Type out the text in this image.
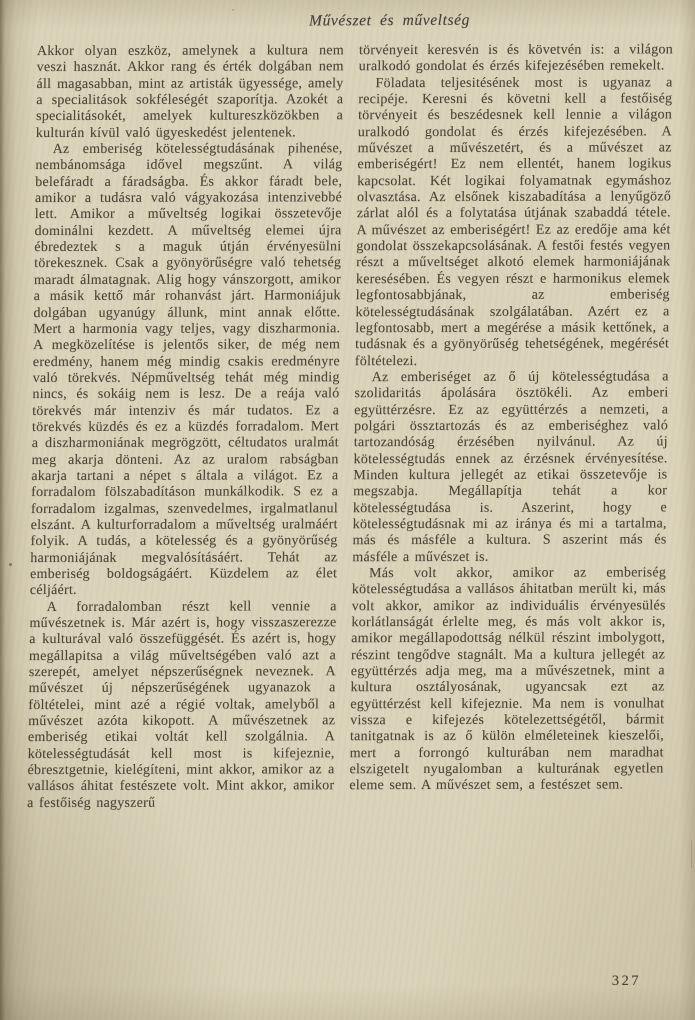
Művészet és műveltség

Akkor olyan eszköz, amelynek a kultura nem veszi hasznát. Akkor rang és érték dolgában nem áll magasabban, mint az artisták ügyessége, amely a specialitások sokféleségét szaporítja. Azokét a specialitásokét, amelyek kultureszközökben a kulturán kívül való ügyeskedést jelentenek.

Az emberiség kötelességtudásának pihenése, nembánomsága idővel megszűnt. A világ belefáradt a fáradságba. És akkor fáradt bele, amikor a tudásra való vágyakozása intenzivebbé lett. Amikor a műveltség logikai összetevője dominálni kezdett. A műveltség elemei újra ébredeztek s a maguk útján érvényesülni törekesznek. Csak a gyönyörűségre való tehetség maradt álmatagnak. Alig hogy vánszorgott, amikor a másik kettő már rohanvást járt. Harmoniájuk dolgában ugyanúgy állunk, mint annak előtte. Mert a harmonia vagy teljes, vagy diszharmonia. A megközelítése is jelentős siker, de még nem eredmény, hanem még mindig csakis eredményre való törekvés. Népműveltség tehát még mindig nincs, és sokáig nem is lesz. De a reája való törekvés már intenziv és már tudatos. Ez a törekvés küzdés és ez a küzdés forradalom. Mert a diszharmoniának megrögzött, céltudatos uralmát meg akarja dönteni. Az az uralom rabságban akarja tartani a népet s általa a világot. Ez a forradalom fölszabadításon munkálkodik. S ez a forradalom izgalmas, szenvedelmes, irgalmatlanul elszánt. A kulturforradalom a műveltség uralmáért folyik. A tudás, a kötelesség és a gyönyörűség harmoniájának megvalósításáért. Tehát az emberiség boldogságáért. Küzdelem az élet céljáért.

A forradalomban részt kell vennie a művészetnek is. Már azért is, hogy visszaszerezze a kulturával való összefüggését. És azért is, hogy megállapitsa a világ műveltségében való azt a szerepét, amelyet népszerűségnek neveznek. A művészet új népszerűségének ugyanazok a föltételei, mint azé a régié voltak, amelyből a művészet azóta kikopott. A művészetnek az emberiség etikai voltát kell szolgálnia. A kötelességtudását kell most is kifejeznie, ébresztgetnie, kielégíteni, mint akkor, amikor az a vallásos áhitat festészete volt. Mint akkor, amikor a festőiség nagyszerű

törvényeit keresvén is és követvén is: a világon uralkodó gondolat és érzés kifejezésében remekelt.

Föladata teljesitésének most is ugyanaz a recipéje. Keresni és követni kell a festőiség törvényeit és beszédesnek kell lennie a világon uralkodó gondolat és érzés kifejezésében. A művészet a művészetért, és a művészet az emberiségért! Ez nem ellentét, hanem logikus kapcsolat. Két logikai folyamatnak egymáshoz olvasztása. Az elsőnek kiszabadítása a lenyűgöző zárlat alól és a folytatása útjának szabaddá tétele. A művészet az emberiségért! Ez az eredője ama két gondolat összekapcsolásának. A festői festés vegyen részt a műveltséget alkotó elemek harmoniájának keresésében. És vegyen részt e harmonikus elemek legfontosabbjának, az emberiség kötelességtudásának szolgálatában. Azért ez a legfontosabb, mert a megérése a másik kettőnek, a tudásnak és a gyönyörűség tehetségének, megérését föltételezi.

Az emberiséget az ő új kötelességtudása a szolidaritás ápolására ösztökéli. Az emberi együttérzésre. Ez az együttérzés a nemzeti, a polgári össztartozás és az emberiséghez való tartozandóság érzésében nyilvánul. Az új kötelességtudás ennek az érzésnek érvényesítése. Minden kultura jellegét az etikai összetevője is megszabja. Megállapítja tehát a kor kötelességtudása is. Aszerint, hogy e kötelességtudásnak mi az iránya és mi a tartalma, más és másféle a kultura. S aszerint más és másféle a művészet is.

Más volt akkor, amikor az emberiség kötelességtudása a vallásos áhitatban merült ki, más volt akkor, amikor az individuális érvényesülés korlátlanságát érlelte meg, és más volt akkor is, amikor megállapodottság nélkül részint imbolygott, részint tengődve stagnált. Ma a kultura jellegét az együttérzés adja meg, ma a művészetnek, mint a kultura osztályosának, ugyancsak ezt az együttérzést kell kifejeznie. Ma nem is vonulhat vissza e kifejezés kötelezettségétől, bármit tanitgatnak is az ő külön elméleteinek kieszelői, mert a forrongó kulturában nem maradhat elszigetelt nyugalomban a kulturának egyetlen eleme sem. A művészet sem, a festészet sem.

327
